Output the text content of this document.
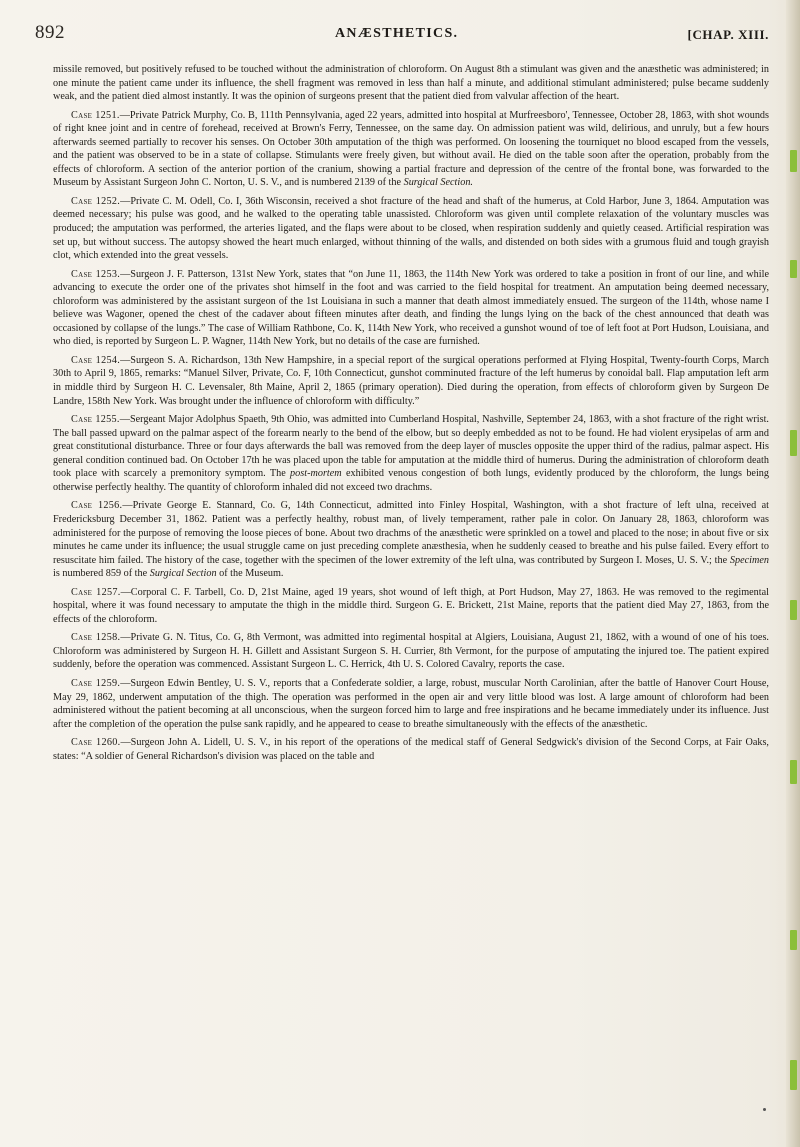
892	ANÆSTHETICS.	[CHAP. XIII.

missile removed, but positively refused to be touched without the administration of chloroform. On August 8th a stimulant was given and the anæsthetic was administered; in one minute the patient came under its influence, the shell fragment was removed in less than half a minute, and additional stimulant administered; pulse became suddenly weak, and the patient died almost instantly. It was the opinion of surgeons present that the patient died from valvular affection of the heart.

Case 1251.—Private Patrick Murphy, Co. B, 111th Pennsylvania, aged 22 years, admitted into hospital at Murfreesboro', Tennessee, October 28, 1863, with shot wounds of right knee joint and in centre of forehead, received at Brown's Ferry, Tennessee, on the same day. On admission patient was wild, delirious, and unruly, but a few hours afterwards seemed partially to recover his senses. On October 30th amputation of the thigh was performed. On loosening the tourniquet no blood escaped from the vessels, and the patient was observed to be in a state of collapse. Stimulants were freely given, but without avail. He died on the table soon after the operation, probably from the effects of chloroform. A section of the anterior portion of the cranium, showing a partial fracture and depression of the centre of the frontal bone, was forwarded to the Museum by Assistant Surgeon John C. Norton, U. S. V., and is numbered 2139 of the Surgical Section.

Case 1252.—Private C. M. Odell, Co. I, 36th Wisconsin, received a shot fracture of the head and shaft of the humerus, at Cold Harbor, June 3, 1864. Amputation was deemed necessary; his pulse was good, and he walked to the operating table unassisted. Chloroform was given until complete relaxation of the voluntary muscles was produced; the amputation was performed, the arteries ligated, and the flaps were about to be closed, when respiration suddenly and quietly ceased. Artificial respiration was set up, but without success. The autopsy showed the heart much enlarged, without thinning of the walls, and distended on both sides with a grumous fluid and tough grayish clot, which extended into the great vessels.

Case 1253.—Surgeon J. F. Patterson, 131st New York, states that “on June 11, 1863, the 114th New York was ordered to take a position in front of our line, and while advancing to execute the order one of the privates shot himself in the foot and was carried to the field hospital for treatment. An amputation being deemed necessary, chloroform was administered by the assistant surgeon of the 1st Louisiana in such a manner that death almost immediately ensued. The surgeon of the 114th, whose name I believe was Wagoner, opened the chest of the cadaver about fifteen minutes after death, and finding the lungs lying on the back of the chest announced that death was occasioned by collapse of the lungs.” The case of William Rathbone, Co. K, 114th New York, who received a gunshot wound of toe of left foot at Port Hudson, Louisiana, and who died, is reported by Surgeon L. P. Wagner, 114th New York, but no details of the case are furnished.

Case 1254.—Surgeon S. A. Richardson, 13th New Hampshire, in a special report of the surgical operations performed at Flying Hospital, Twenty-fourth Corps, March 30th to April 9, 1865, remarks: “Manuel Silver, Private, Co. F, 10th Connecticut, gunshot comminuted fracture of the left humerus by conoidal ball. Flap amputation left arm in middle third by Surgeon H. C. Levensaler, 8th Maine, April 2, 1865 (primary operation). Died during the operation, from effects of chloroform given by Surgeon De Landre, 158th New York. Was brought under the influence of chloroform with difficulty.”

Case 1255.—Sergeant Major Adolphus Spaeth, 9th Ohio, was admitted into Cumberland Hospital, Nashville, September 24, 1863, with a shot fracture of the right wrist. The ball passed upward on the palmar aspect of the forearm nearly to the bend of the elbow, but so deeply embedded as not to be found. He had violent erysipelas of arm and great constitutional disturbance. Three or four days afterwards the ball was removed from the deep layer of muscles opposite the upper third of the radius, palmar aspect. His general condition continued bad. On October 17th he was placed upon the table for amputation at the middle third of humerus. During the administration of chloroform death took place with scarcely a premonitory symptom. The post-mortem exhibited venous congestion of both lungs, evidently produced by the chloroform, the lungs being otherwise perfectly healthy. The quantity of chloroform inhaled did not exceed two drachms.

Case 1256.—Private George E. Stannard, Co. G, 14th Connecticut, admitted into Finley Hospital, Washington, with a shot fracture of left ulna, received at Fredericksburg December 31, 1862. Patient was a perfectly healthy, robust man, of lively temperament, rather pale in color. On January 28, 1863, chloroform was administered for the purpose of removing the loose pieces of bone. About two drachms of the anæsthetic were sprinkled on a towel and placed to the nose; in about five or six minutes he came under its influence; the usual struggle came on just preceding complete anæsthesia, when he suddenly ceased to breathe and his pulse failed. Every effort to resuscitate him failed. The history of the case, together with the specimen of the lower extremity of the left ulna, was contributed by Surgeon I. Moses, U. S. V.; the Specimen is numbered 859 of the Surgical Section of the Museum.

Case 1257.—Corporal C. F. Tarbell, Co. D, 21st Maine, aged 19 years, shot wound of left thigh, at Port Hudson, May 27, 1863. He was removed to the regimental hospital, where it was found necessary to amputate the thigh in the middle third. Surgeon G. E. Brickett, 21st Maine, reports that the patient died May 27, 1863, from the effects of the chloroform.

Case 1258.—Private G. N. Titus, Co. G, 8th Vermont, was admitted into regimental hospital at Algiers, Louisiana, August 21, 1862, with a wound of one of his toes. Chloroform was administered by Surgeon H. H. Gillett and Assistant Surgeon S. H. Currier, 8th Vermont, for the purpose of amputating the injured toe. The patient expired suddenly, before the operation was commenced. Assistant Surgeon L. C. Herrick, 4th U. S. Colored Cavalry, reports the case.

Case 1259.—Surgeon Edwin Bentley, U. S. V., reports that a Confederate soldier, a large, robust, muscular North Carolinian, after the battle of Hanover Court House, May 29, 1862, underwent amputation of the thigh. The operation was performed in the open air and very little blood was lost. A large amount of chloroform had been administered without the patient becoming at all unconscious, when the surgeon forced him to large and free inspirations and he became immediately under its influence. Just after the completion of the operation the pulse sank rapidly, and he appeared to cease to breathe simultaneously with the effects of the anæsthetic.

Case 1260.—Surgeon John A. Lidell, U. S. V., in his report of the operations of the medical staff of General Sedgwick's division of the Second Corps, at Fair Oaks, states: “A soldier of General Richardson's division was placed on the table and
